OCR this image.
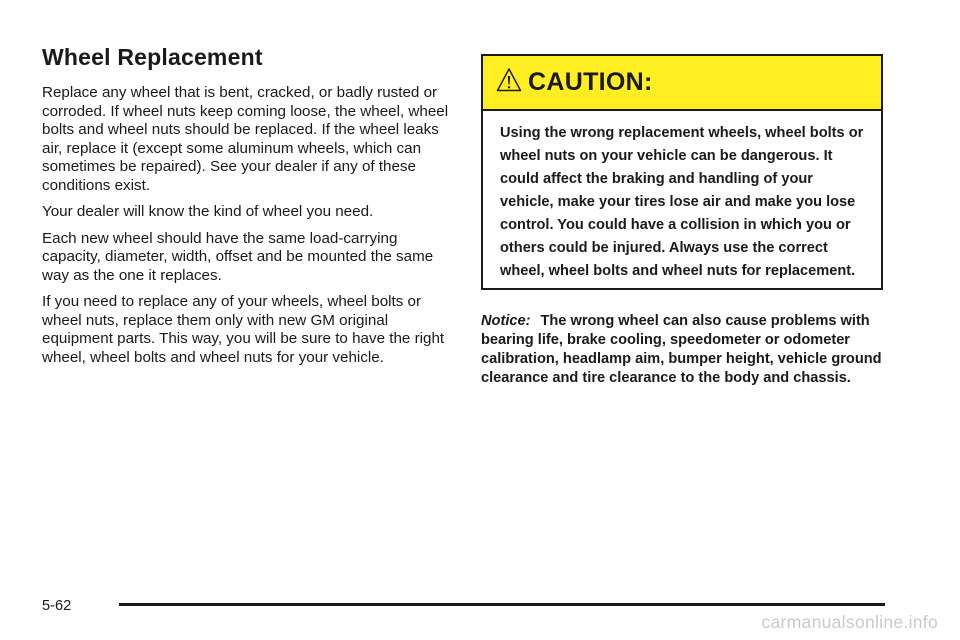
Wheel Replacement

Replace any wheel that is bent, cracked, or badly rusted or corroded. If wheel nuts keep coming loose, the wheel, wheel bolts and wheel nuts should be replaced. If the wheel leaks air, replace it (except some aluminum wheels, which can sometimes be repaired). See your dealer if any of these conditions exist.

Your dealer will know the kind of wheel you need.

Each new wheel should have the same load-carrying capacity, diameter, width, offset and be mounted the same way as the one it replaces.

If you need to replace any of your wheels, wheel bolts or wheel nuts, replace them only with new GM original equipment parts. This way, you will be sure to have the right wheel, wheel bolts and wheel nuts for your vehicle.

CAUTION:
Using the wrong replacement wheels, wheel bolts or wheel nuts on your vehicle can be dangerous. It could affect the braking and handling of your vehicle, make your tires lose air and make you lose control. You could have a collision in which you or others could be injured. Always use the correct wheel, wheel bolts and wheel nuts for replacement.
Notice: The wrong wheel can also cause problems with bearing life, brake cooling, speedometer or odometer calibration, headlamp aim, bumper height, vehicle ground clearance and tire clearance to the body and chassis.
5-62
carmanualsonline.info
